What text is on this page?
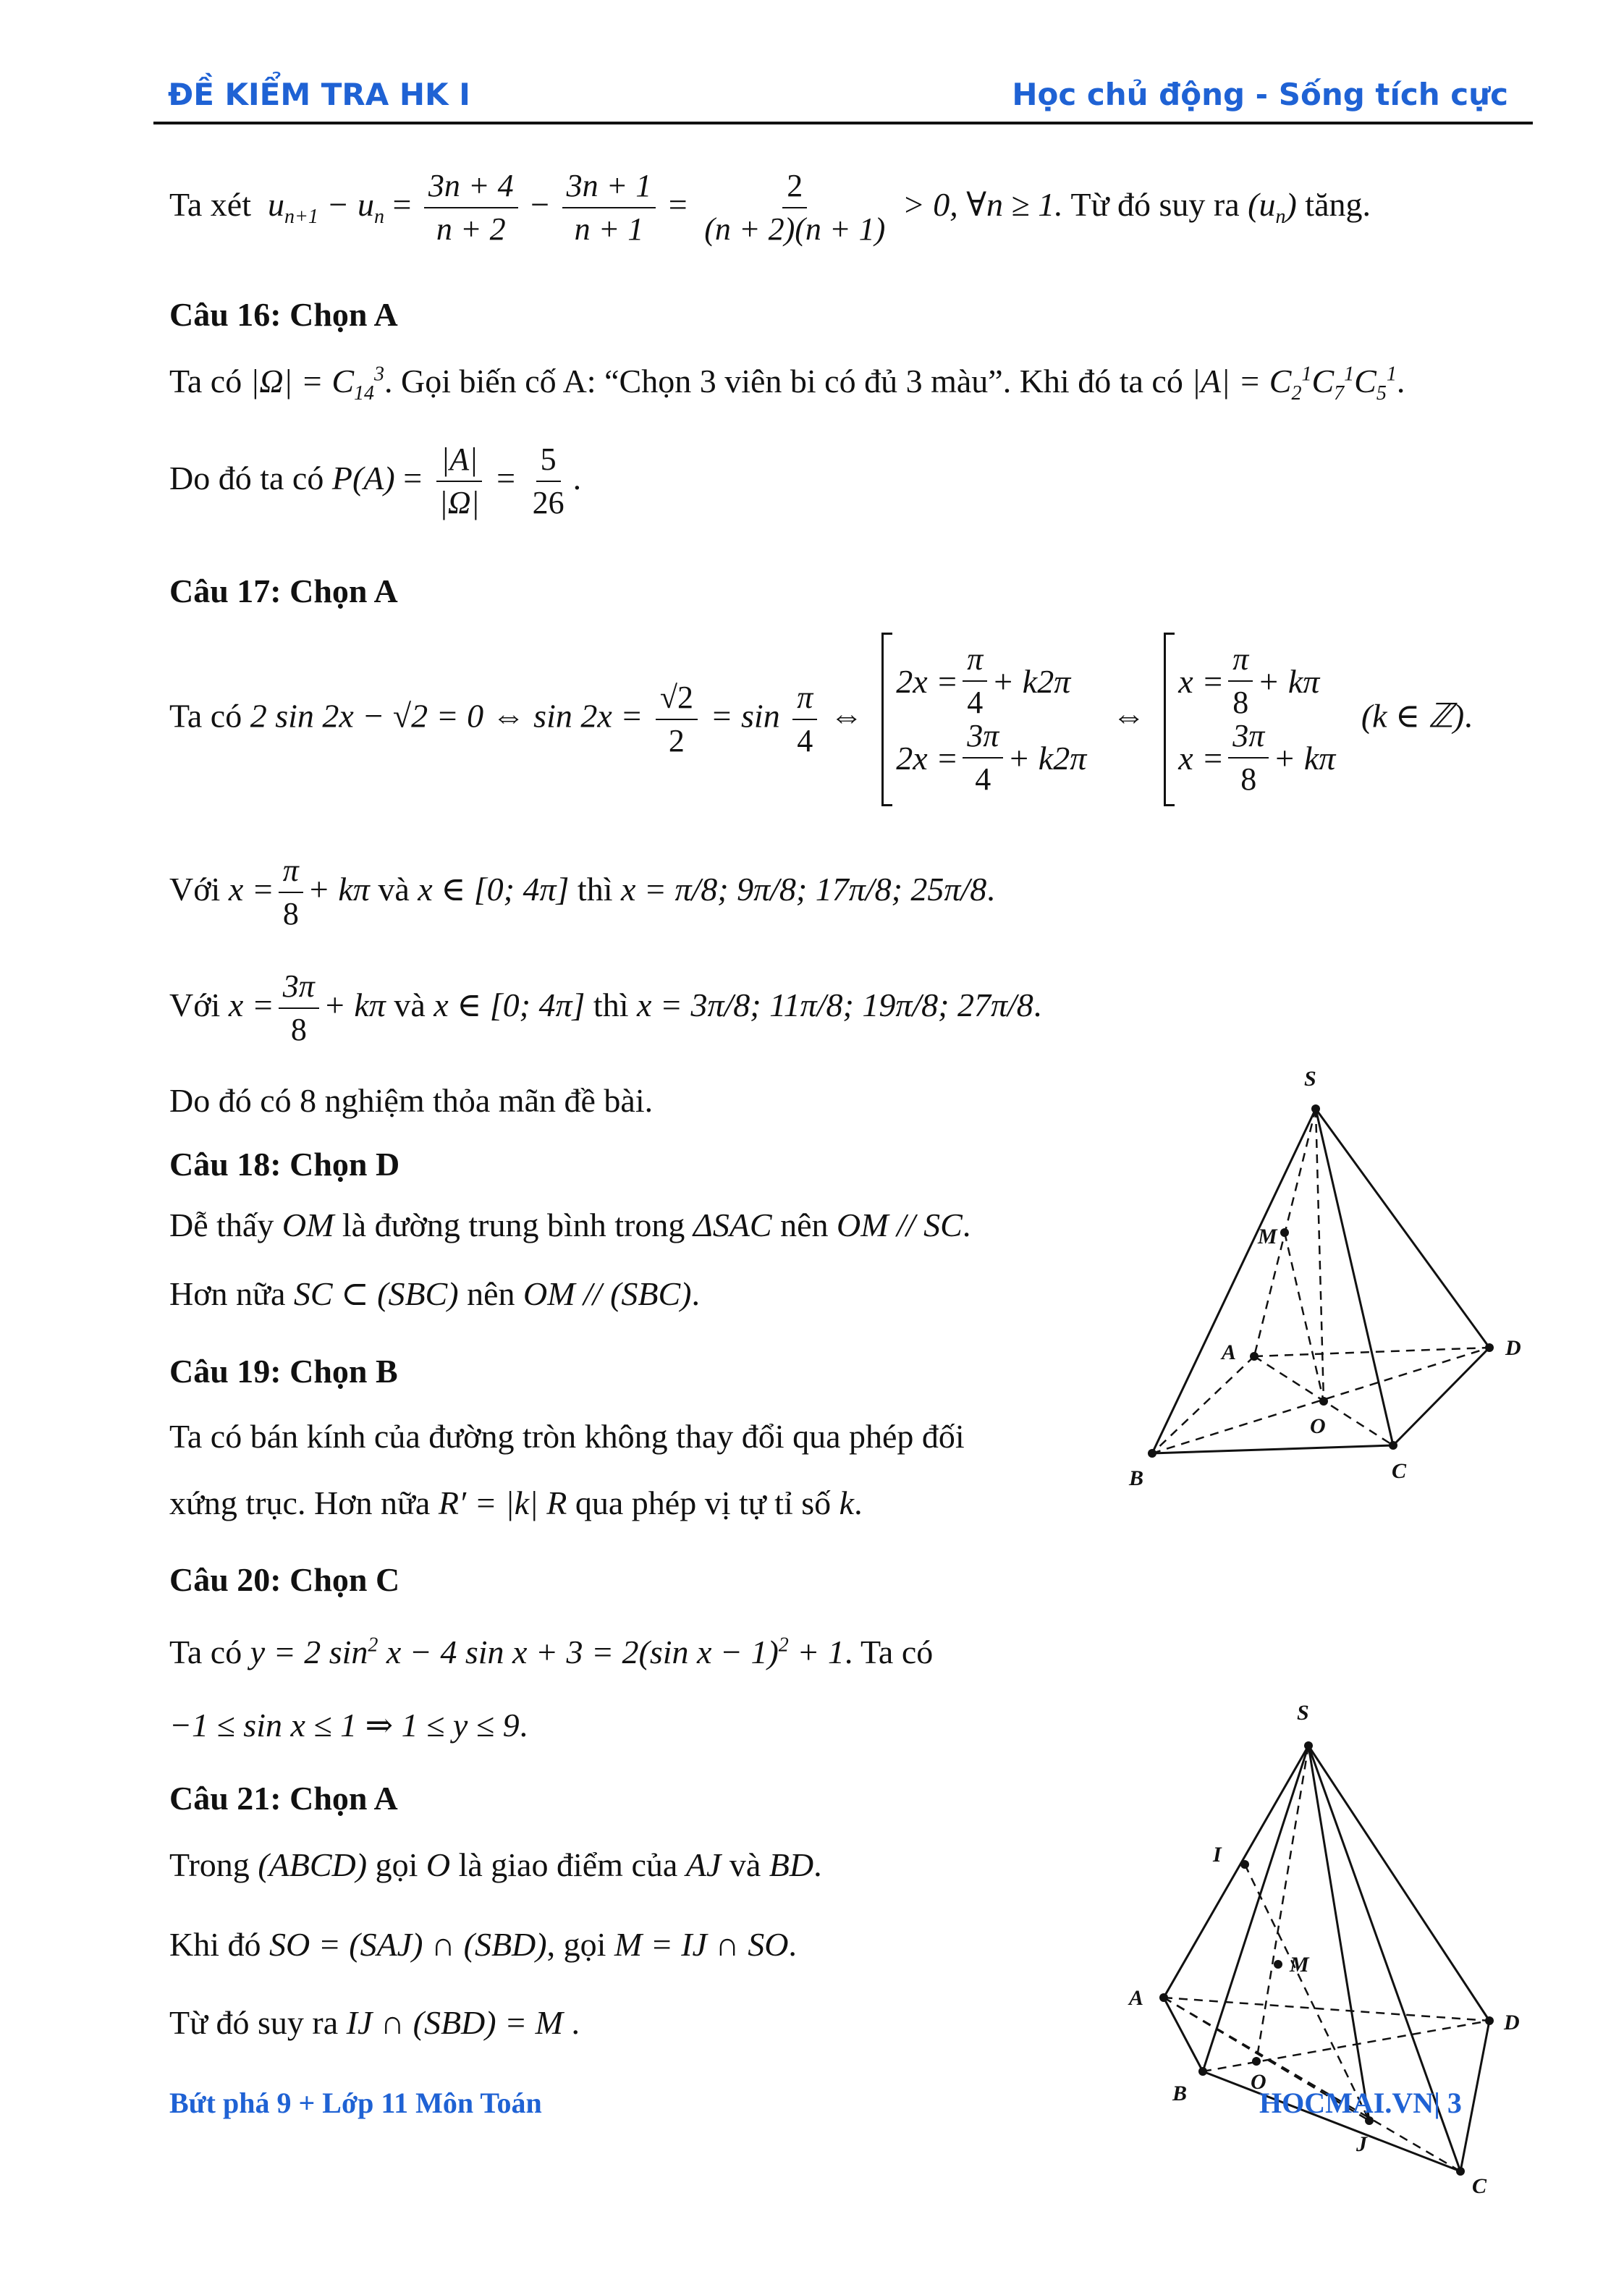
ĐỀ KIỂM TRA HK I	Học chủ động - Sống tích cực
Ta xét $u_{n+1} - u_n = \frac{3n + 4}{n + 2} - \frac{3n + 1}{n + 1} = \frac{2}{(n + 2)(n + 1)} > 0$, ∀n ≥ 1. Từ đó suy ra $(u_n)$ tăng.
Câu 16: Chọn A
Ta có $|\Omega| = C_{14}^3$. Gọi biến cố A: “Chọn 3 viên bi có đủ 3 màu”. Khi đó ta có $|A| = C_2^1C_7^1C_5^1$.
Do đó ta có $P(A) = \frac{|A|}{|\Omega|} = \frac{5}{26}$ .
Câu 17: Chọn A
Ta có 2 sin 2x − √2 = 0 ⇔ $\sin 2x = \frac{√2}{2} = \sin \frac{\pi}{4}$ ⇔
$2x = \frac{\pi}{4} + k2\pi$
$2x = \frac{3\pi}{4} + k2\pi$
⇔
$x = \frac{\pi}{8} + k\pi$
$x = \frac{3\pi}{8} + k\pi$
(k ∈ ℤ).
Với $x = \frac{\pi}{8} + k\pi$ và x ∈ [0; 4π] thì x = π/8; 9π/8; 17π/8; 25π/8.
Với $x = \frac{3\pi}{8} + k\pi$ và x ∈ [0; 4π] thì x = 3π/8; 11π/8; 19π/8; 27π/8.
Do đó có 8 nghiệm thỏa mãn đề bài.
Câu 18: Chọn D
Dễ thấy OM là đường trung bình trong ΔSAC nên OM // SC.
Hơn nữa SC ⊂ (SBC) nên OM // (SBC).
Câu 19: Chọn B
Ta có bán kính của đường tròn không thay đổi qua phép đối
xứng trục. Hơn nữa R′ = |k| R qua phép vị tự tỉ số k.
Câu 20: Chọn C
Ta có y = 2 $\sin^2 x - 4$ sin x + 3 = 2(sin x − 1)$^2$ + 1. Ta có
−1 ≤ sin x ≤ 1 ⇒ 1 ≤ y ≤ 9.
Câu 21: Chọn A
Trong (ABCD) gọi O là giao điểm của AJ và BD.
Khi đó SO = (SAJ) ∩ (SBD), gọi M = IJ ∩ SO.
Từ đó suy ra IJ ∩ (SBD) = M .
S
M
A	D
O
B	C
S
I
M
A
D
O
B
J
C
Bứt phá 9 + Lớp 11 Môn Toán	HOCMAI.VN| 3
